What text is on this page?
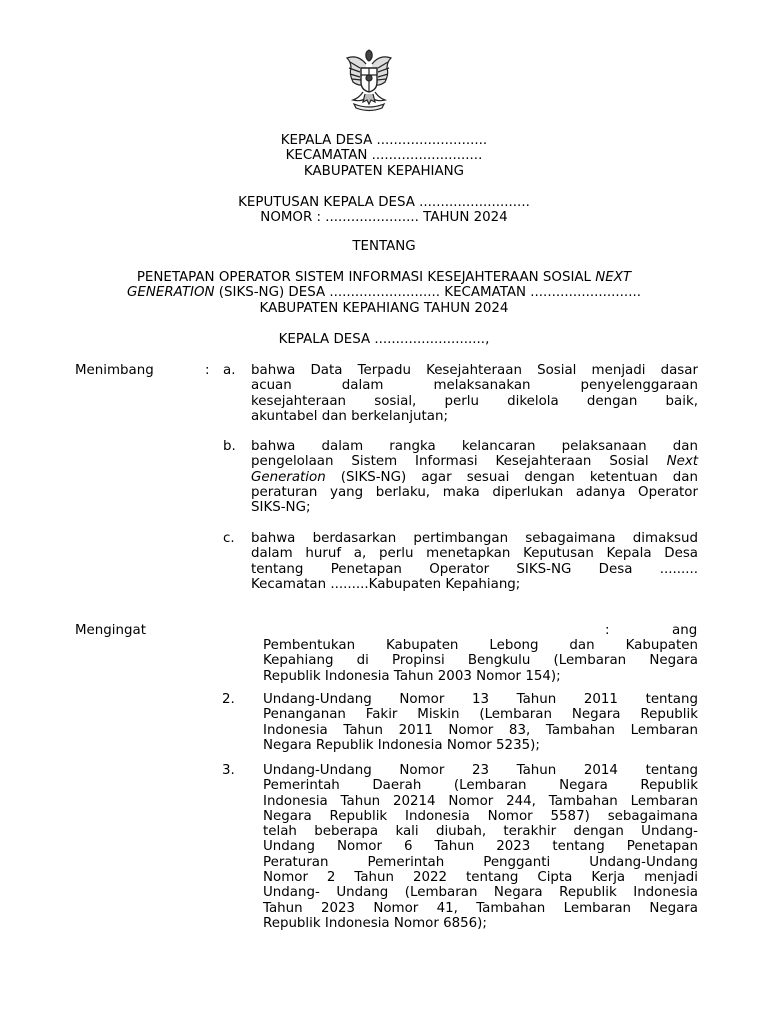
KEPALA DESA ..........................
KECAMATAN ..........................
KABUPATEN KEPAHIANG
KEPUTUSAN KEPALA DESA ..........................
NOMOR : ...................... TAHUN 2024
TENTANG
PENETAPAN OPERATOR SISTEM INFORMASI KESEJAHTERAAN SOSIAL NEXT
GENERATION (SIKS-NG) DESA .......................... KECAMATAN ..........................
KABUPATEN KEPAHIANG TAHUN 2024
KEPALA DESA ..........................,
Menimbang	: a. bahwa Data Terpadu Kesejahteraan Sosial menjadi dasar
acuan dalam melaksanakan penyelenggaraan
kesejahteraan sosial, perlu dikelola dengan baik,
akuntabel dan berkelanjutan;
b. bahwa dalam rangka kelancaran pelaksanaan dan
pengelolaan Sistem Informasi Kesejahteraan Sosial Next
Generation (SIKS-NG) agar sesuai dengan ketentuan dan
peraturan yang berlaku, maka diperlukan adanya Operator
SIKS-NG;
c. bahwa berdasarkan pertimbangan sebagaimana dimaksud
dalam huruf a, perlu menetapkan Keputusan Kepala Desa
tentang Penetapan Operator SIKS-NG Desa .........
Kecamatan .........Kabupaten Kepahiang;
Mengingat	:	ang
Pembentukan Kabupaten Lebong dan Kabupaten
Kepahiang di Propinsi Bengkulu (Lembaran Negara
Republik Indonesia Tahun 2003 Nomor 154);
2. Undang-Undang Nomor 13 Tahun 2011 tentang
Penanganan Fakir Miskin (Lembaran Negara Republik
Indonesia Tahun 2011 Nomor 83, Tambahan Lembaran
Negara Republik Indonesia Nomor 5235);
3. Undang-Undang Nomor 23 Tahun 2014 tentang
Pemerintah Daerah (Lembaran Negara Republik
Indonesia Tahun 20214 Nomor 244, Tambahan Lembaran
Negara Republik Indonesia Nomor 5587) sebagaimana
telah beberapa kali diubah, terakhir dengan Undang-
Undang Nomor 6 Tahun 2023 tentang Penetapan
Peraturan Pemerintah Pengganti Undang-Undang
Nomor 2 Tahun 2022 tentang Cipta Kerja menjadi
Undang- Undang (Lembaran Negara Republik Indonesia
Tahun 2023 Nomor 41, Tambahan Lembaran Negara
Republik Indonesia Nomor 6856);
